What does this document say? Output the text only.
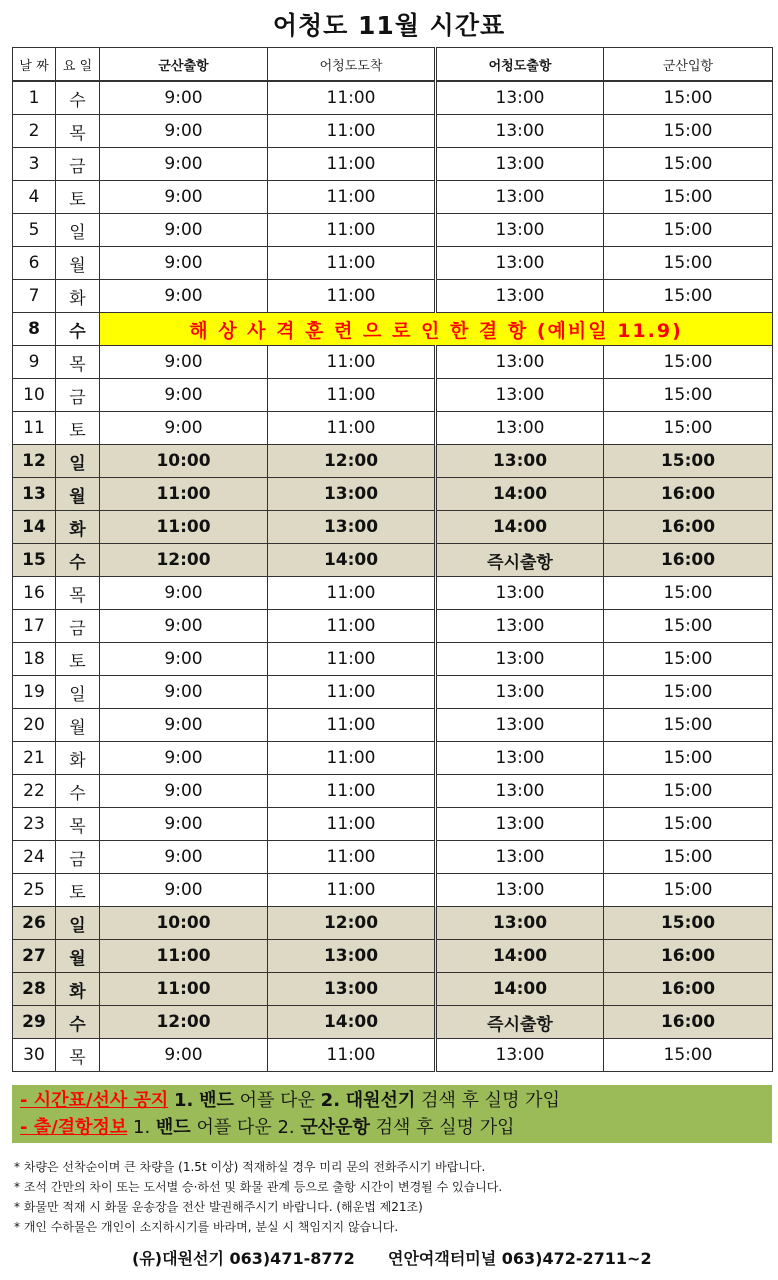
어청도 11월 시간표
날 짜	요 일	군산출항	어청도도착	어청도출항	군산입항
1	수	9:00	11:00	13:00	15:00
2	목	9:00	11:00	13:00	15:00
3	금	9:00	11:00	13:00	15:00
4	토	9:00	11:00	13:00	15:00
5	일	9:00	11:00	13:00	15:00
6	월	9:00	11:00	13:00	15:00
7	화	9:00	11:00	13:00	15:00
8	수	해 상 사 격 훈 련 으 로 인 한 결 항 (예비일 11.9)			
9	목	9:00	11:00	13:00	15:00
10	금	9:00	11:00	13:00	15:00
11	토	9:00	11:00	13:00	15:00
12	일	10:00	12:00	13:00	15:00
13	월	11:00	13:00	14:00	16:00
14	화	11:00	13:00	14:00	16:00
15	수	12:00	14:00	즉시출항	16:00
16	목	9:00	11:00	13:00	15:00
17	금	9:00	11:00	13:00	15:00
18	토	9:00	11:00	13:00	15:00
19	일	9:00	11:00	13:00	15:00
20	월	9:00	11:00	13:00	15:00
21	화	9:00	11:00	13:00	15:00
22	수	9:00	11:00	13:00	15:00
23	목	9:00	11:00	13:00	15:00
24	금	9:00	11:00	13:00	15:00
25	토	9:00	11:00	13:00	15:00
26	일	10:00	12:00	13:00	15:00
27	월	11:00	13:00	14:00	16:00
28	화	11:00	13:00	14:00	16:00
29	수	12:00	14:00	즉시출항	16:00
30	목	9:00	11:00	13:00	15:00
- 시간표/선사 공지 1. 밴드 어플 다운 2. 대원선기 검색 후 실명 가입
- 출/결항정보 1. 밴드 어플 다운 2. 군산운항 검색 후 실명 가입
* 차량은 선착순이며 큰 차량을 (1.5t 이상) 적재하실 경우 미리 문의 전화주시기 바랍니다.
* 조석 간만의 차이 또는 도서별 승·하선 및 화물 관계 등으로 출항 시간이 변경될 수 있습니다.
* 화물만 적재 시 화물 운송장을 전산 발권해주시기 바랍니다. (해운법 제21조)
* 개인 수하물은 개인이 소지하시기를 바라며, 분실 시 책임지지 않습니다.
(유)대원선기 063)471-8772 연안여객터미널 063)472-2711~2
